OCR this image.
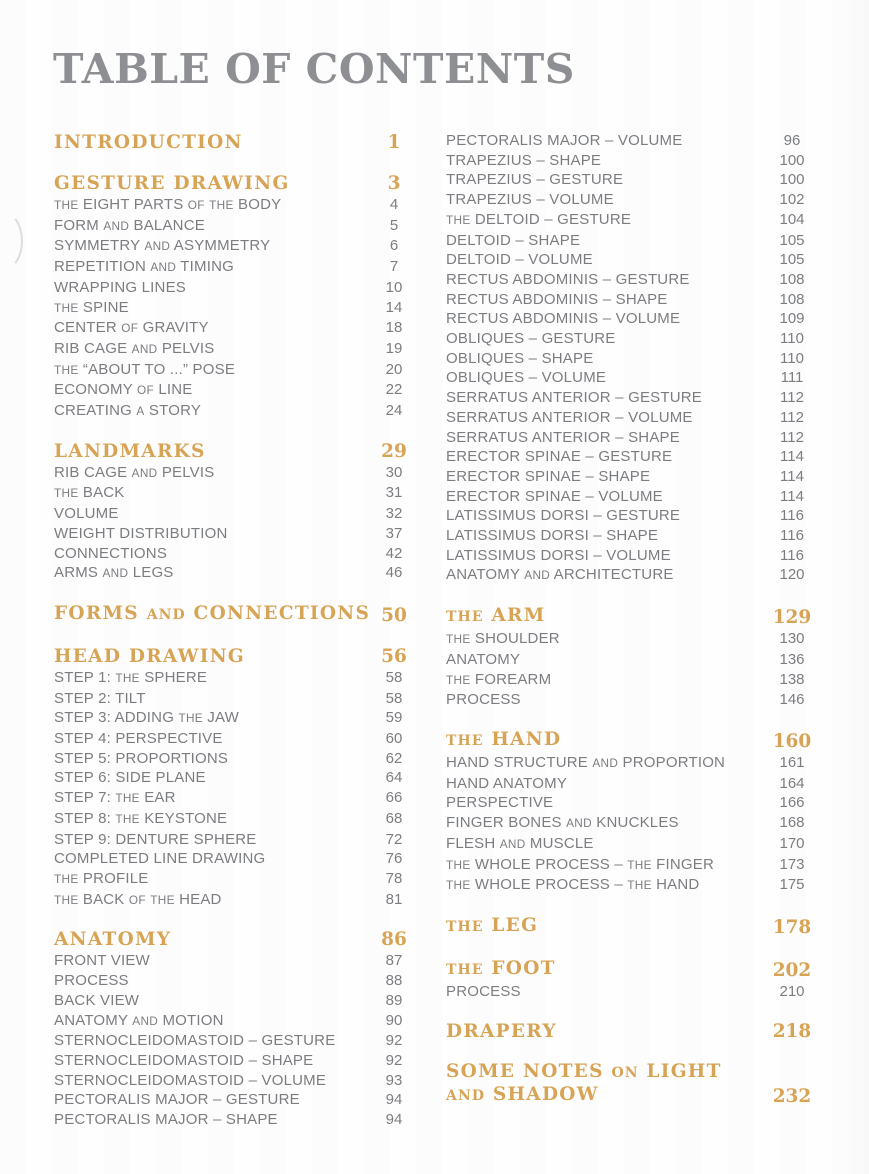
TABLE OF CONTENTS
INTRODUCTION	1
GESTURE DRAWING	3
THE EIGHT PARTS OF THE BODY	4
FORM AND BALANCE	5
SYMMETRY AND ASYMMETRY	6
REPETITION AND TIMING	7
WRAPPING LINES	10
THE SPINE	14
CENTER OF GRAVITY	18
RIB CAGE AND PELVIS	19
THE “ABOUT TO ...” POSE	20
ECONOMY OF LINE	22
CREATING A STORY	24
LANDMARKS	29
RIB CAGE AND PELVIS	30
THE BACK	31
VOLUME	32
WEIGHT DISTRIBUTION	37
CONNECTIONS	42
ARMS AND LEGS	46
FORMS AND CONNECTIONS 50
HEAD DRAWING	56
STEP 1: THE SPHERE	58
STEP 2: TILT	58
STEP 3: ADDING THE JAW	59
STEP 4: PERSPECTIVE	60
STEP 5: PROPORTIONS	62
STEP 6: SIDE PLANE	64
STEP 7: THE EAR	66
STEP 8: THE KEYSTONE	68
STEP 9: DENTURE SPHERE	72
COMPLETED LINE DRAWING	76
THE PROFILE	78
THE BACK OF THE HEAD	81
ANATOMY	86
FRONT VIEW	87
PROCESS	88
BACK VIEW	89
ANATOMY AND MOTION	90
STERNOCLEIDOMASTOID – GESTURE	92
STERNOCLEIDOMASTOID – SHAPE	92
STERNOCLEIDOMASTOID – VOLUME	93
PECTORALIS MAJOR – GESTURE	94
PECTORALIS MAJOR – SHAPE	94
PECTORALIS MAJOR – VOLUME	96
TRAPEZIUS – SHAPE	100
TRAPEZIUS – GESTURE	100
TRAPEZIUS – VOLUME	102
THE DELTOID – GESTURE	104
DELTOID – SHAPE	105
DELTOID – VOLUME	105
RECTUS ABDOMINIS – GESTURE	108
RECTUS ABDOMINIS – SHAPE	108
RECTUS ABDOMINIS – VOLUME	109
OBLIQUES – GESTURE	110
OBLIQUES – SHAPE	110
OBLIQUES – VOLUME	111
SERRATUS ANTERIOR – GESTURE	112
SERRATUS ANTERIOR – VOLUME	112
SERRATUS ANTERIOR – SHAPE	112
ERECTOR SPINAE – GESTURE	114
ERECTOR SPINAE – SHAPE	114
ERECTOR SPINAE – VOLUME	114
LATISSIMUS DORSI – GESTURE	116
LATISSIMUS DORSI – SHAPE	116
LATISSIMUS DORSI – VOLUME	116
ANATOMY AND ARCHITECTURE	120
THE ARM	129
THE SHOULDER	130
ANATOMY	136
THE FOREARM	138
PROCESS	146
THE HAND	160
HAND STRUCTURE AND PROPORTION	161
HAND ANATOMY	164
PERSPECTIVE	166
FINGER BONES AND KNUCKLES	168
FLESH AND MUSCLE	170
THE WHOLE PROCESS – THE FINGER	173
THE WHOLE PROCESS – THE HAND	175
THE LEG	178
THE FOOT	202
PROCESS	210
DRAPERY	218
SOME NOTES ON LIGHT
AND SHADOW	232
